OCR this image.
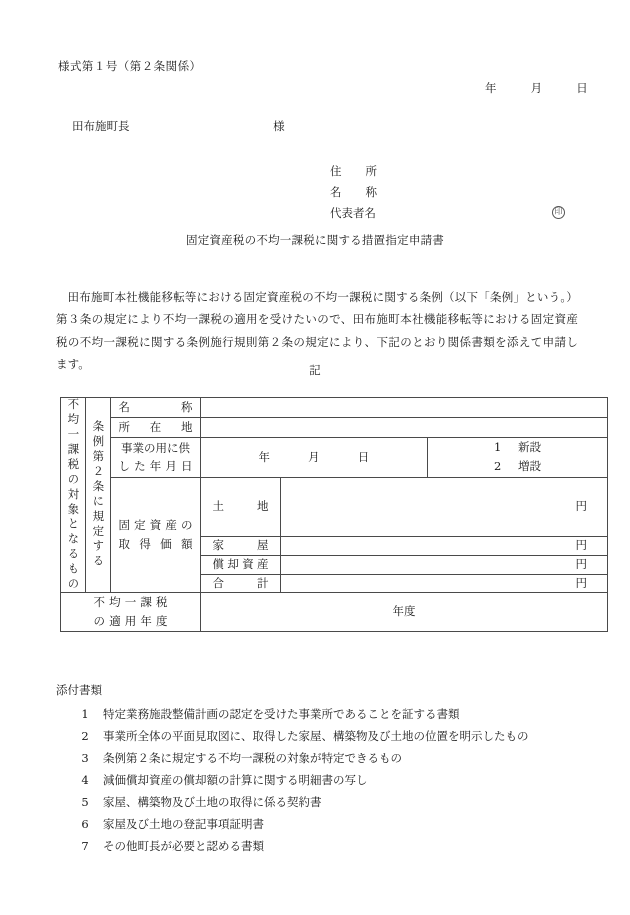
様式第１号（第２条関係）
年	月	日
田布施町長	様
住 所
名 称
代表者名	印
固定資産税の不均一課税に関する措置指定申請書

田布施町本社機能移転等における固定資産税の不均一課税に関する条例（以下「条例」という。）第３条の規定により不均一課税の適用を受けたいので、田布施町本社機能移転等における固定資産税の不均一課税に関する条例施行規則第２条の規定により、下記のとおり関係書類を添えて申請します。	記
不均一課税の対象となるもの	条例第２条に規定する	名称			
		所在地			

		事業の用に供
した年月日	年 月 日		1 新設
2 増設

		固定資産の 取得価額	土地	円	
			家屋	円	
			償却資産	円	
			合計	円	
不均一課税 の適用年度			年度		
添付書類
1 特定業務施設整備計画の認定を受けた事業所であることを証する書類
2 事業所全体の平面見取図に、取得した家屋、構築物及び土地の位置を明示したもの
3 条例第２条に規定する不均一課税の対象が特定できるもの
4 減価償却資産の償却額の計算に関する明細書の写し
5 家屋、構築物及び土地の取得に係る契約書
6 家屋及び土地の登記事項証明書
7 その他町長が必要と認める書類
